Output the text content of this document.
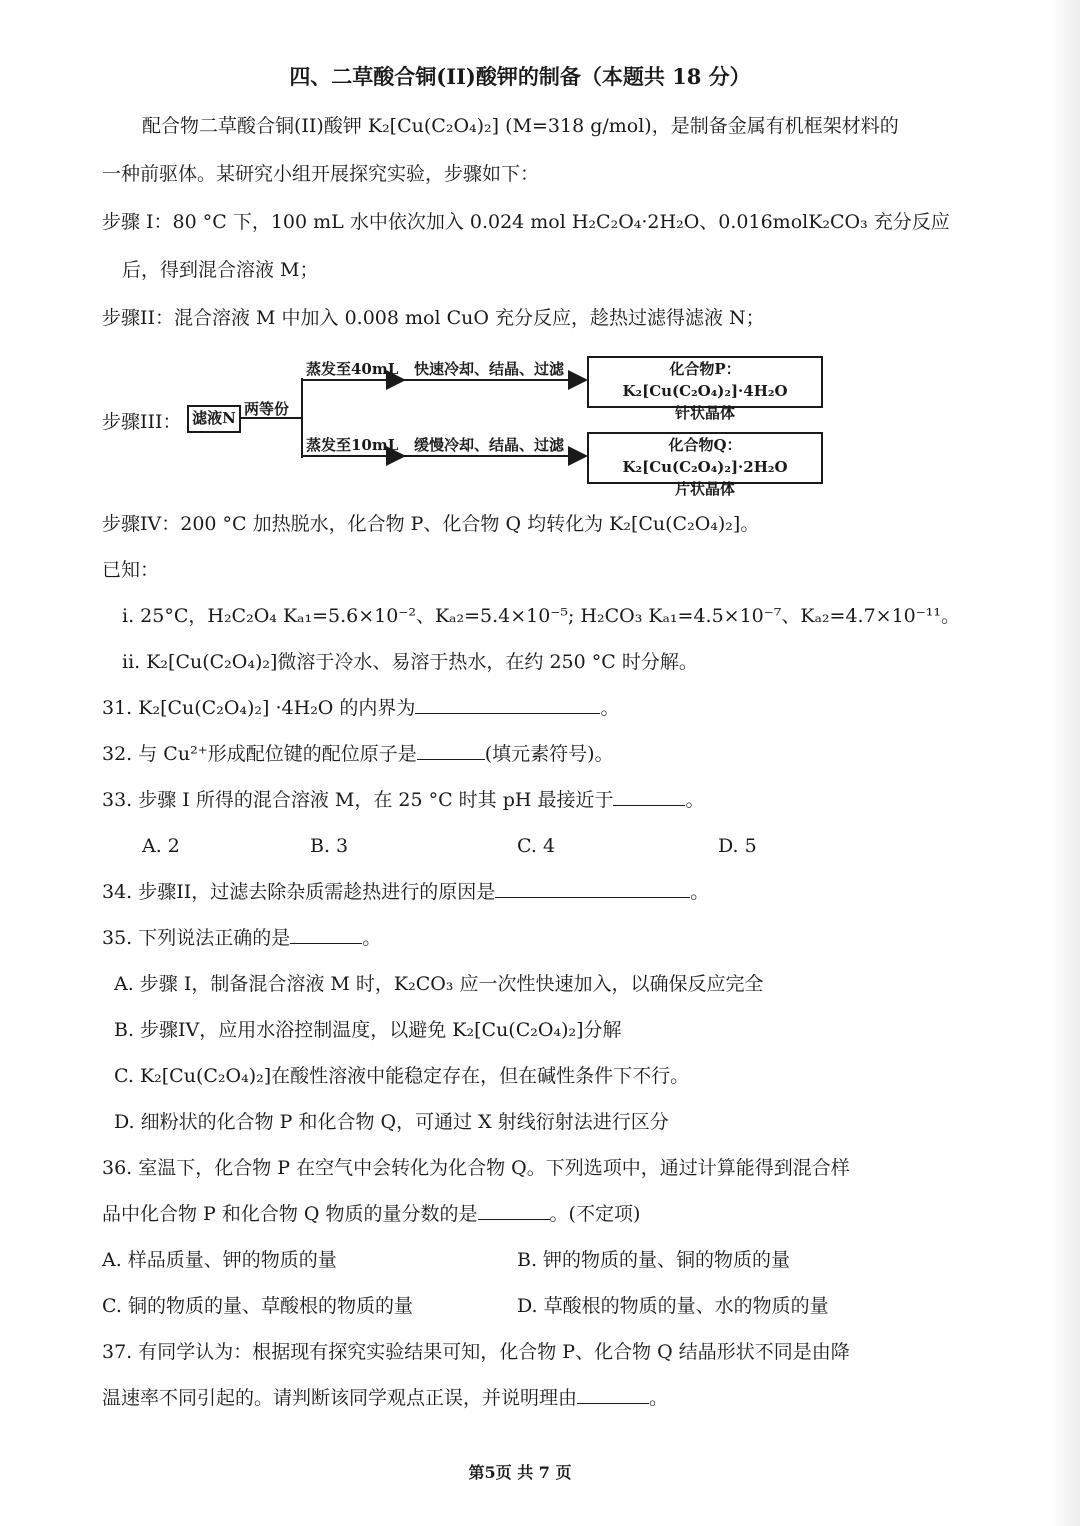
四、二草酸合铜(II)酸钾的制备（本题共 18 分）
配合物二草酸合铜(II)酸钾 K₂[Cu(C₂O₄)₂] (M=318 g/mol)，是制备金属有机框架材料的
一种前驱体。某研究小组开展探究实验，步骤如下：
步骤 I：80 °C 下，100 mL 水中依次加入 0.024 mol H₂C₂O₄·2H₂O、0.016molK₂CO₃ 充分反应
后，得到混合溶液 M；
步骤II：混合溶液 M 中加入 0.008 mol CuO 充分反应，趁热过滤得滤液 N；
步骤III： 滤液N 两等份
蒸发至40mL 快速冷却、结晶、过滤
蒸发至10mL 缓慢冷却、结晶、过滤
化合物P：K₂[Cu(C₂O₄)₂]·4H₂O
针状晶体
化合物Q：K₂[Cu(C₂O₄)₂]·2H₂O
片状晶体
步骤IV：200 °C 加热脱水，化合物 P、化合物 Q 均转化为 K₂[Cu(C₂O₄)₂]。
已知：
i. 25°C，H₂C₂O₄ Kₐ₁=5.6×10⁻²、Kₐ₂=5.4×10⁻⁵; H₂CO₃ Kₐ₁=4.5×10⁻⁷、Kₐ₂=4.7×10⁻¹¹。
ii. K₂[Cu(C₂O₄)₂]微溶于冷水、易溶于热水，在约 250 °C 时分解。
31. K₂[Cu(C₂O₄)₂] ·4H₂O 的内界为	。
32. 与 Cu²⁺形成配位键的配位原子是	(填元素符号)。
33. 步骤 I 所得的混合溶液 M，在 25 °C 时其 pH 最接近于	。
A. 2	B. 3	C. 4	D. 5
34. 步骤II，过滤去除杂质需趁热进行的原因是	。
35. 下列说法正确的是	。
A. 步骤 I，制备混合溶液 M 时，K₂CO₃ 应一次性快速加入，以确保反应完全
B. 步骤IV，应用水浴控制温度，以避免 K₂[Cu(C₂O₄)₂]分解
C. K₂[Cu(C₂O₄)₂]在酸性溶液中能稳定存在，但在碱性条件下不行。
D. 细粉状的化合物 P 和化合物 Q，可通过 X 射线衍射法进行区分
36. 室温下，化合物 P 在空气中会转化为化合物 Q。下列选项中，通过计算能得到混合样
品中化合物 P 和化合物 Q 物质的量分数的是	。(不定项)
A. 样品质量、钾的物质的量	B. 钾的物质的量、铜的物质的量
C. 铜的物质的量、草酸根的物质的量	D. 草酸根的物质的量、水的物质的量
37. 有同学认为：根据现有探究实验结果可知，化合物 P、化合物 Q 结晶形状不同是由降
温速率不同引起的。请判断该同学观点正误，并说明理由	。
第5页 共 7 页
